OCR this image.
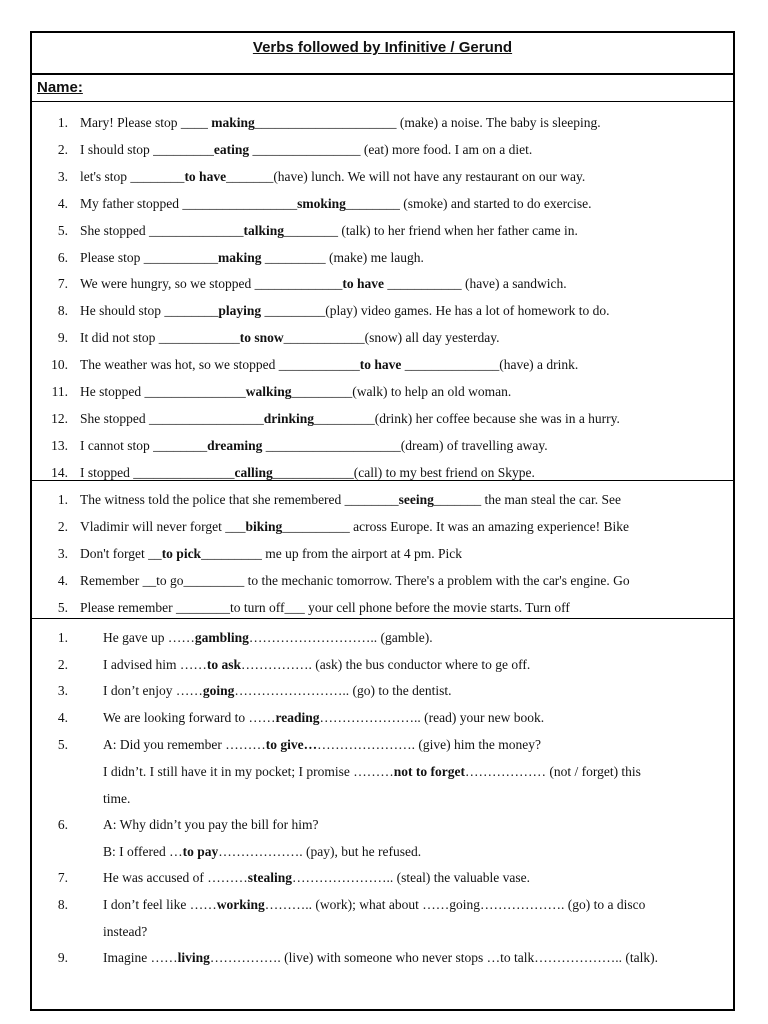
Verbs followed by Infinitive / Gerund
Name:
1. Mary! Please stop ____ making_____________________ (make) a noise. The baby is sleeping.
2. I should stop _________eating ________________ (eat) more food. I am on a diet.
3. let's stop ________to have_______(have) lunch. We will not have any restaurant on our way.
4. My father stopped _________________smoking________ (smoke) and started to do exercise.
5. She stopped ______________talking________ (talk) to her friend when her father came in.
6. Please stop ___________making _________ (make) me laugh.
7. We were hungry, so we stopped _____________to have ___________ (have) a sandwich.
8. He should stop ________playing _________(play) video games. He has a lot of homework to do.
9. It did not stop ____________to snow____________(snow) all day yesterday.
10. The weather was hot, so we stopped ____________to have ______________(have) a drink.
11. He stopped _______________walking_________(walk) to help an old woman.
12. She stopped _________________drinking_________(drink) her coffee because she was in a hurry.
13. I cannot stop ________dreaming ____________________(dream) of travelling away.
14. I stopped _______________calling____________(call) to my best friend on Skype.
1. The witness told the police that she remembered ________seeing_______ the man steal the car. See
2. Vladimir will never forget ___biking__________ across Europe. It was an amazing experience! Bike
3. Don't forget __to pick_________ me up from the airport at 4 pm. Pick
4. Remember __to go_________ to the mechanic tomorrow. There's a problem with the car's engine. Go
5. Please remember ________to turn off___ your cell phone before the movie starts. Turn off
1.	He gave up ……gambling……………………….. (gamble).
2.	I advised him ……to ask……………. (ask) the bus conductor where to ge off.
3.	I don’t enjoy ……going…………………….. (go) to the dentist.
4.	We are looking forward to ……reading………………….. (read) your new book.
5.	A: Did you remember ………to give……………………. (give) him the money?
I didn’t. I still have it in my pocket; I promise ………not to forget……………… (not / forget) this
time.
6.	A: Why didn’t you pay the bill for him?
B: I offered …to pay………………. (pay), but he refused.
7.	He was accused of ………stealing………………….. (steal) the valuable vase.
8.	I don’t feel like ……working……….. (work); what about ……going………………. (go) to a disco
instead?
9.	Imagine ……living……………. (live) with someone who never stops …to talk……………….. (talk).
